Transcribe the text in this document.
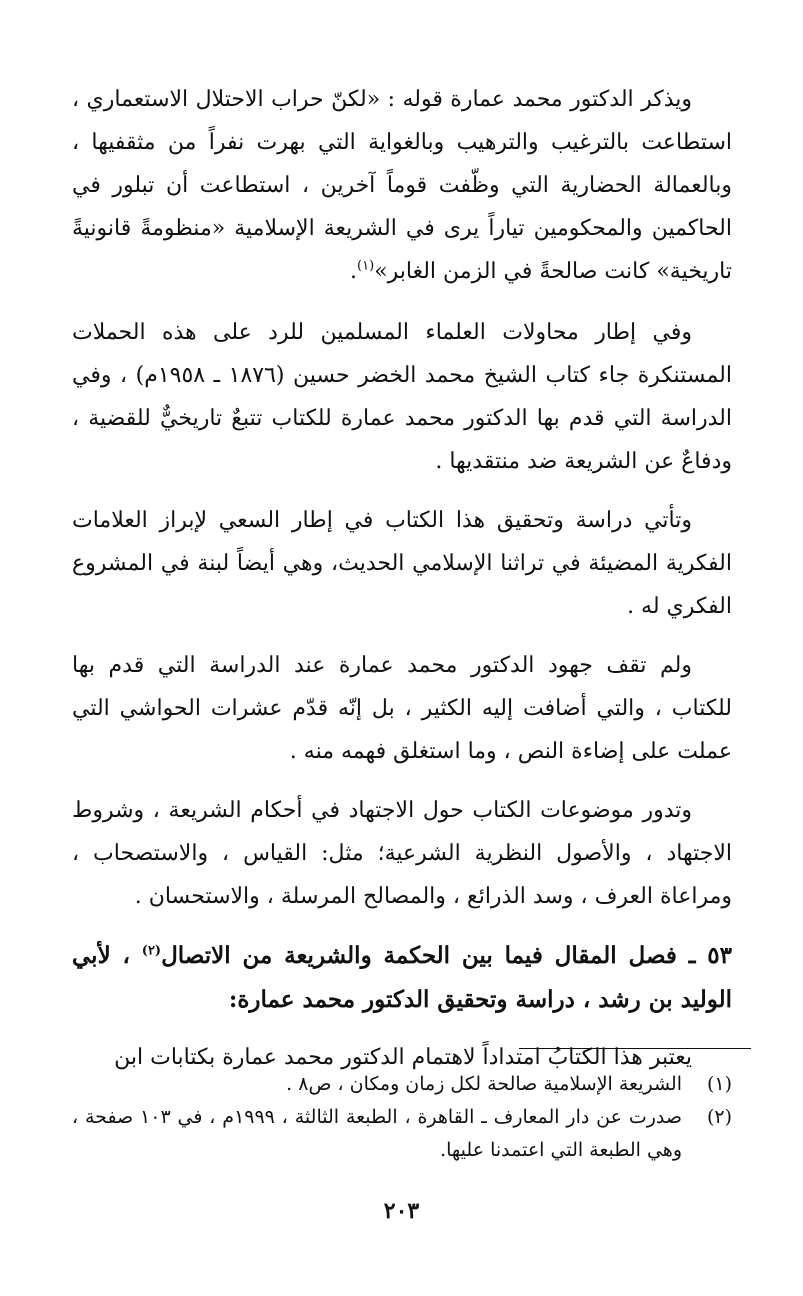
ويذكر الدكتور محمد عمارة قوله : «لكنّ حراب الاحتلال الاستعماري ، استطاعت بالترغيب والترهيب وبالغواية التي بهرت نفراً من مثقفيها ، وبالعمالة الحضارية التي وظّفت قوماً آخرين ، استطاعت أن تبلور في الحاكمين والمحكومين تياراً يرى في الشريعة الإسلامية «منظومةً قانونيةً تاريخية» كانت صالحةً في الزمن الغابر»$^{(١)}$.

وفي إطار محاولات العلماء المسلمين للرد على هذه الحملات المستنكرة جاء كتاب الشيخ محمد الخضر حسين (١٨٧٦ ـ ١٩٥٨م) ، وفي الدراسة التي قدم بها الدكتور محمد عمارة للكتاب تتبعٌ تاريخيٌّ للقضية ، ودفاعٌ عن الشريعة ضد منتقديها .

وتأتي دراسة وتحقيق هذا الكتاب في إطار السعي لإبراز العلامات الفكرية المضيئة في تراثنا الإسلامي الحديث، وهي أيضاً لبنة في المشروع الفكري له .

ولم تقف جهود الدكتور محمد عمارة عند الدراسة التي قدم بها للكتاب ، والتي أضافت إليه الكثير ، بل إنّه قدّم عشرات الحواشي التي عملت على إضاءة النص ، وما استغلق فهمه منه .

وتدور موضوعات الكتاب حول الاجتهاد في أحكام الشريعة ، وشروط الاجتهاد ، والأصول النظرية الشرعية؛ مثل: القياس ، والاستصحاب ، ومراعاة العرف ، وسد الذرائع ، والمصالح المرسلة ، والاستحسان .

٥٣ ـ فصل المقال فيما بين الحكمة والشريعة من الاتصال$^{(٢)}$ ، لأبي الوليد بن رشد ، دراسة وتحقيق الدكتور محمد عمارة:

يعتبر هذا الكتابُ امتداداً لاهتمام الدكتور محمد عمارة بكتابات ابن

(١)
الشريعة الإسلامية صالحة لكل زمان ومكان ، ص٨ .
(٢)
صدرت عن دار المعارف ـ القاهرة ، الطبعة الثالثة ، ١٩٩٩م ، في ١٠٣ صفحة ، وهي الطبعة التي اعتمدنا عليها.
٢٠٣
